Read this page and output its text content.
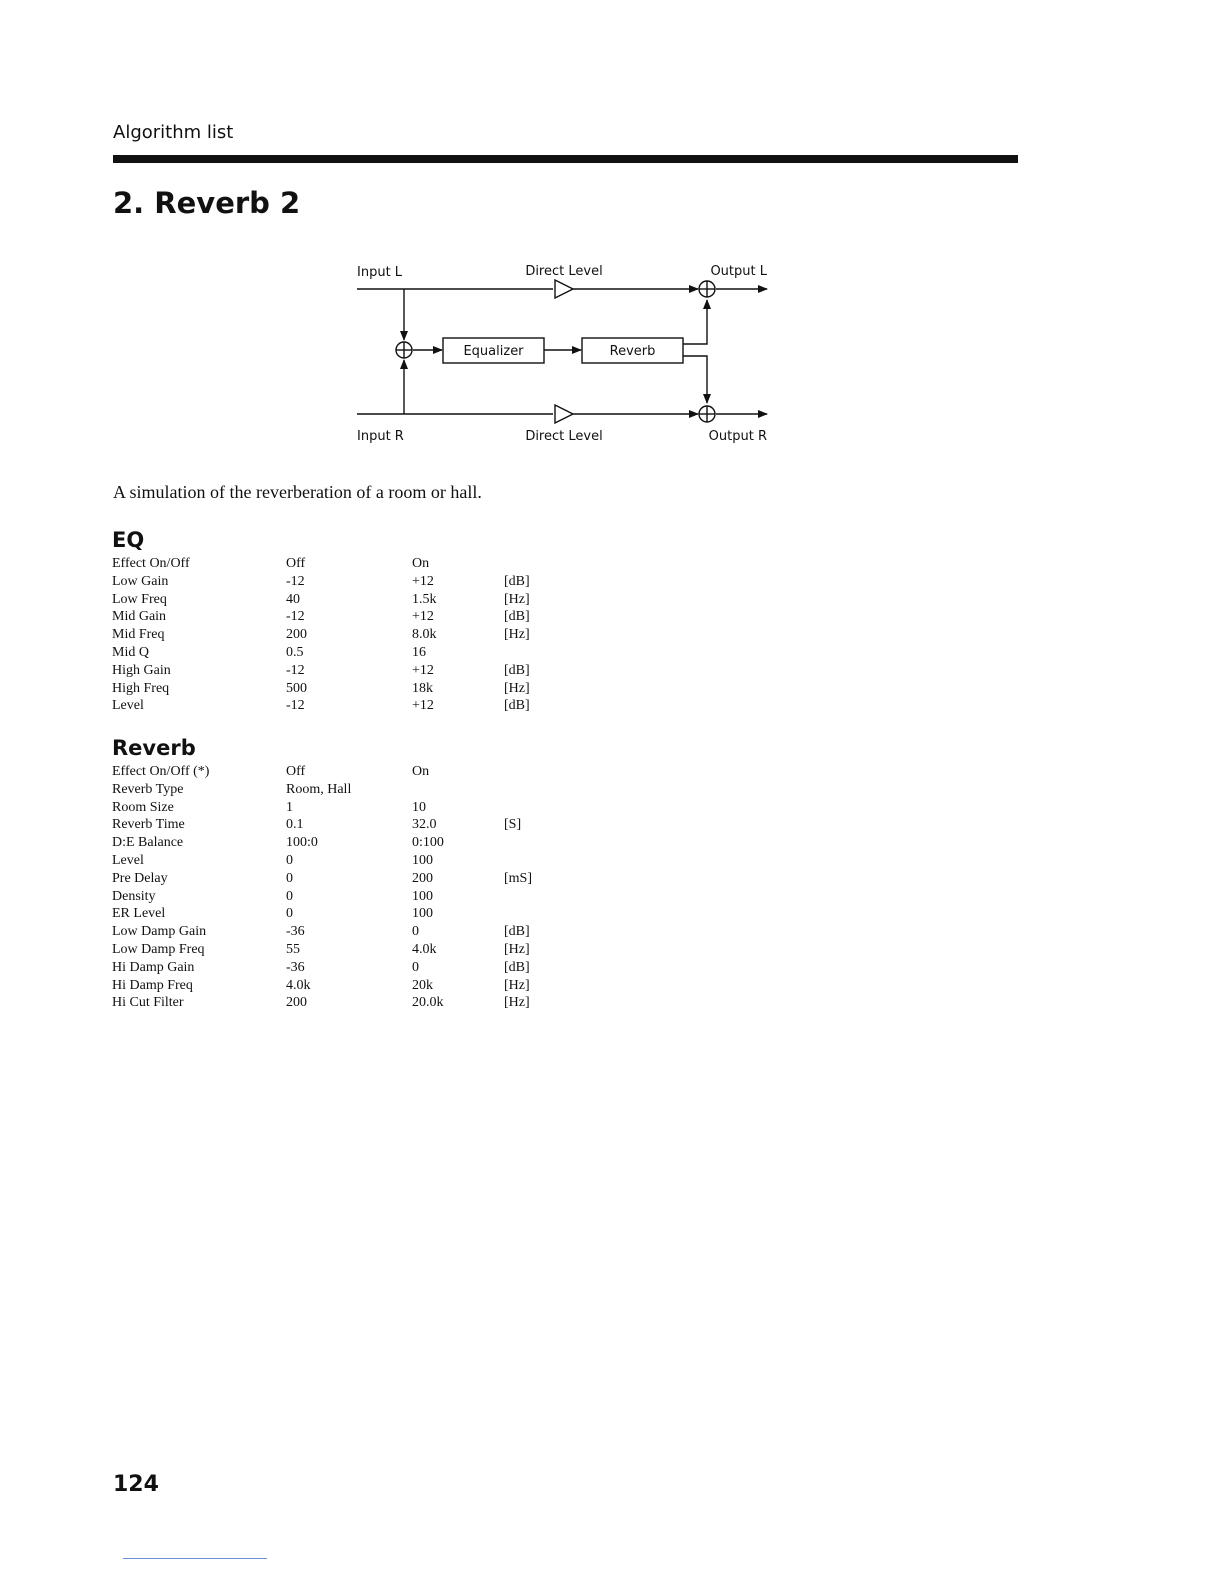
Algorithm list
2. Reverb 2
Input L	Direct Level	Output L
Equalizer	Reverb
Input R	Direct Level	Output R
A simulation of the reverberation of a room or hall.
EQ
Effect On/Off	Off	On
Low Gain	-12	+12	[dB]
Low Freq	40	1.5k	[Hz]
Mid Gain	-12	+12	[dB]
Mid Freq	200	8.0k	[Hz]
Mid Q	0.5	16
High Gain	-12	+12	[dB]
High Freq	500	18k	[Hz]
Level	-12	+12	[dB]
Reverb
Effect On/Off (*)	Off	On
Reverb Type	Room, Hall
Room Size	1	10
Reverb Time	0.1	32.0	[S]
D:E Balance	100:0	0:100
Level	0	100
Pre Delay	0	200	[mS]
Density	0	100
ER Level	0	100
Low Damp Gain	-36	0	[dB]
Low Damp Freq	55	4.0k	[Hz]
Hi Damp Gain	-36	0	[dB]
Hi Damp Freq	4.0k	20k	[Hz]
Hi Cut Filter	200	20.0k	[Hz]
124
